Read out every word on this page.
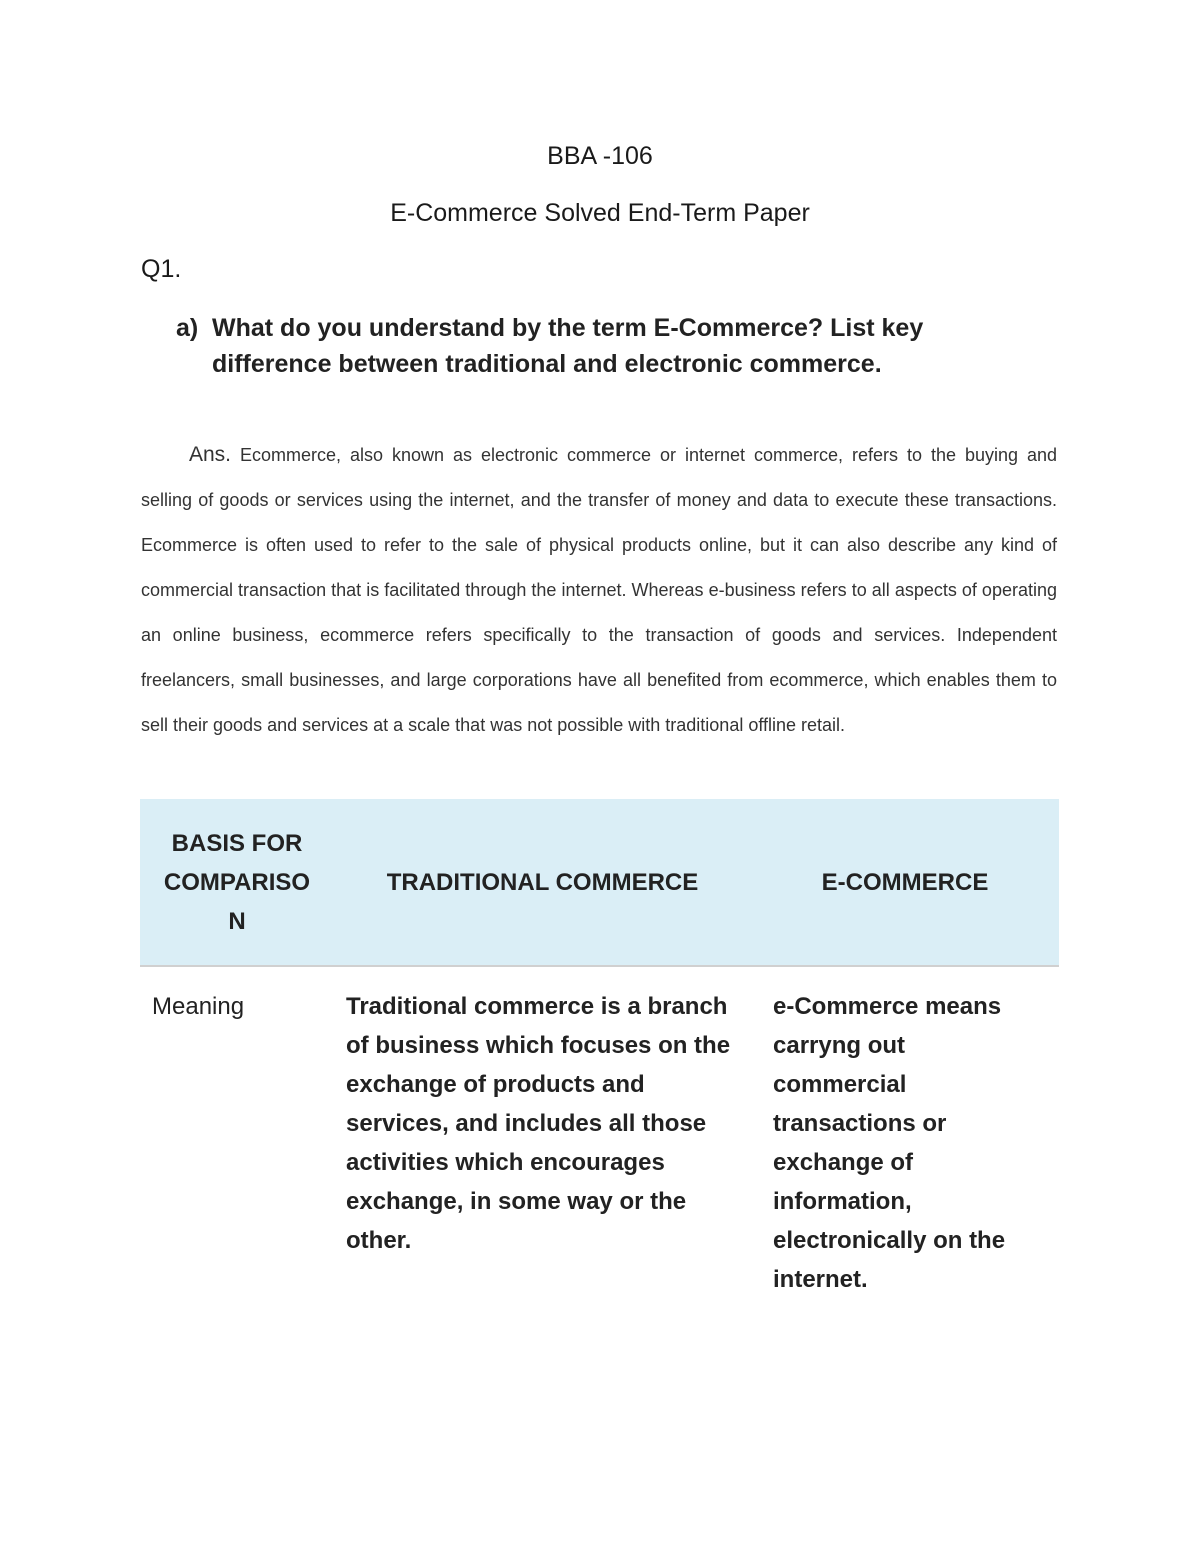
BBA -106
E-Commerce Solved End-Term Paper
Q1.
a) What do you understand by the term E-Commerce? List key difference between traditional and electronic commerce.

Ans. Ecommerce, also known as electronic commerce or internet commerce, refers to the buying and selling of goods or services using the internet, and the transfer of money and data to execute these transactions. Ecommerce is often used to refer to the sale of physical products online, but it can also describe any kind of commercial transaction that is facilitated through the internet. Whereas e-business refers to all aspects of operating an online business, ecommerce refers specifically to the transaction of goods and services. Independent freelancers, small businesses, and large corporations have all benefited from ecommerce, which enables them to sell their goods and services at a scale that was not possible with traditional offline retail.

BASIS FOR COMPARISO N	TRADITIONAL COMMERCE	E-COMMERCE
Meaning	Traditional commerce is a branch of business which focuses on the exchange of products and services, and includes all those activities which encourages exchange, in some way or the other.	e-Commerce means carryng out commercial transactions or exchange of information, electronically on the internet.
